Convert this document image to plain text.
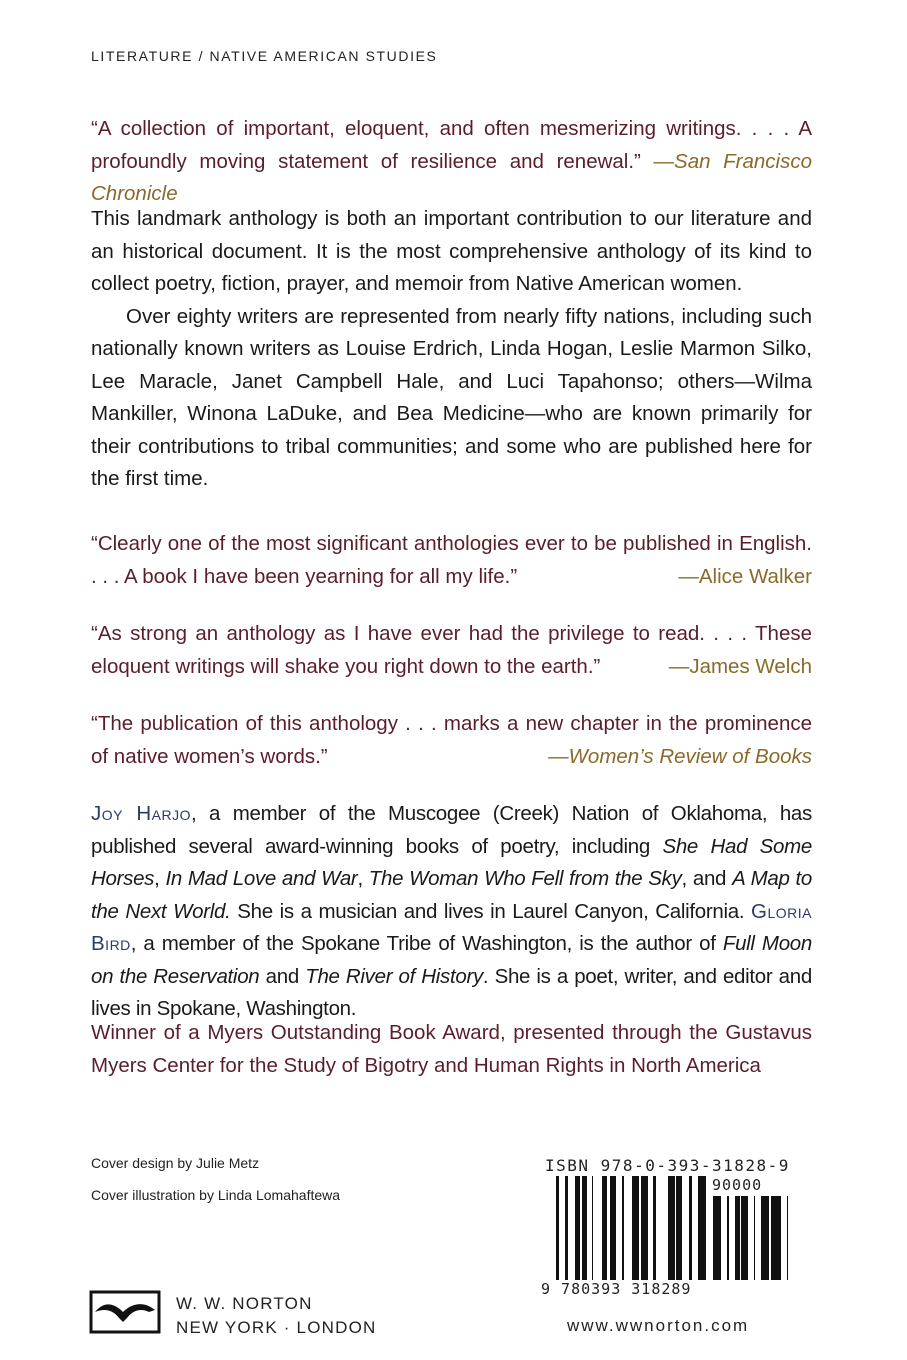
LITERATURE / NATIVE AMERICAN STUDIES
“A collection of important, eloquent, and often mesmerizing writings. . . . A profoundly moving statement of resilience and renewal.” —San Francisco Chronicle
This landmark anthology is both an important contribution to our literature and an historical document. It is the most comprehensive anthology of its kind to collect poetry, fiction, prayer, and memoir from Native American women.
Over eighty writers are represented from nearly fifty nations, including such nationally known writers as Louise Erdrich, Linda Hogan, Leslie Marmon Silko, Lee Maracle, Janet Campbell Hale, and Luci Tapahonso; others—Wilma Mankiller, Winona LaDuke, and Bea Medicine—who are known primarily for their contributions to tribal communities; and some who are published here for the first time.
“Clearly one of the most significant anthologies ever to be published in English. . . . A book I have been yearning for all my life.”	—Alice Walker
“As strong an anthology as I have ever had the privilege to read. . . . These eloquent writings will shake you right down to the earth.”	—James Welch
“The publication of this anthology . . . marks a new chapter in the prominence of native women’s words.”	—Women’s Review of Books
Joy Harjo, a member of the Muscogee (Creek) Nation of Oklahoma, has published several award-winning books of poetry, including She Had Some Horses, In Mad Love and War, The Woman Who Fell from the Sky, and A Map to the Next World. She is a musician and lives in Laurel Canyon, California. Gloria Bird, a member of the Spokane Tribe of Washington, is the author of Full Moon on the Reservation and The River of History. She is a poet, writer, and editor and lives in Spokane, Washington.
Winner of a Myers Outstanding Book Award, presented through the Gustavus Myers Center for the Study of Bigotry and Human Rights in North America
Cover design by Julie Metz
Cover illustration by Linda Lomahaftewa
W. W. NORTON
NEW YORK · LONDON
ISBN 978-0-393-31828-9
90000
9 780393 318289
www.wwnorton.com
